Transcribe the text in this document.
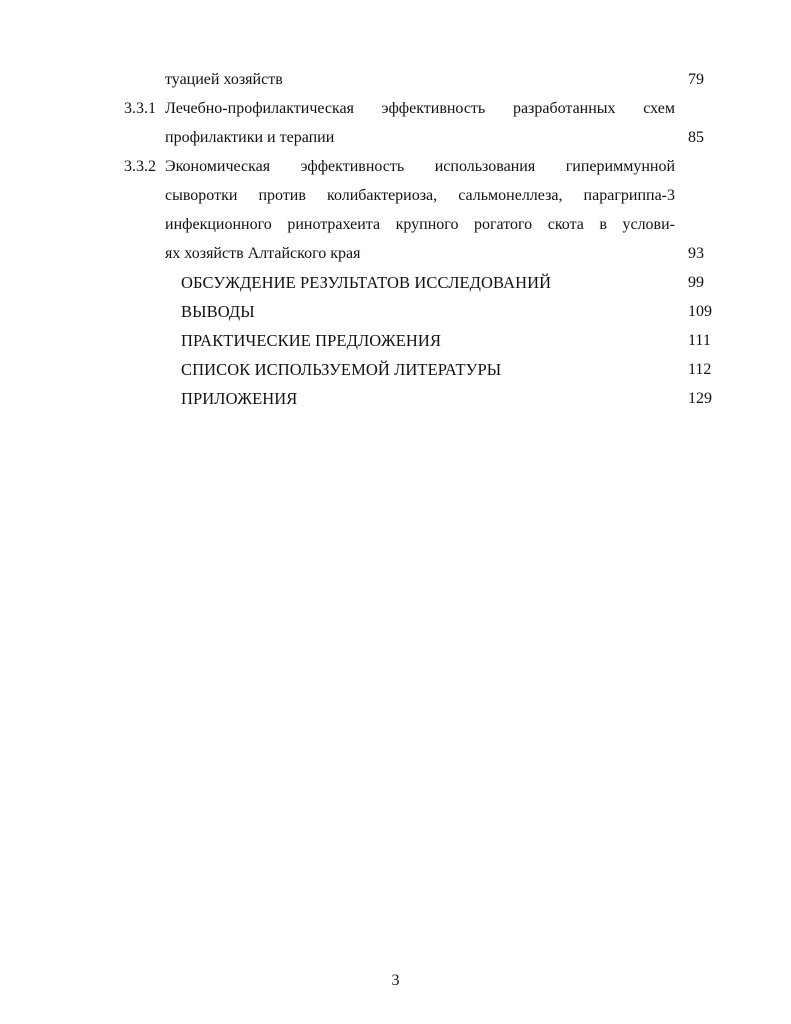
туацией хозяйств	79
3.3.1 Лечебно-профилактическая эффективность разработанных схем
профилактики и терапии	85
3.3.2 Экономическая эффективность использования гипериммунной
сыворотки против колибактериоза, сальмонеллеза, парагриппа-3
инфекционного ринотрахеита крупного рогатого скота в услови-
ях хозяйств Алтайского края	93
ОБСУЖДЕНИЕ РЕЗУЛЬТАТОВ ИССЛЕДОВАНИЙ	99
ВЫВОДЫ	109
ПРАКТИЧЕСКИЕ ПРЕДЛОЖЕНИЯ	111
СПИСОК ИСПОЛЬЗУЕМОЙ ЛИТЕРАТУРЫ	112
ПРИЛОЖЕНИЯ	129
3
